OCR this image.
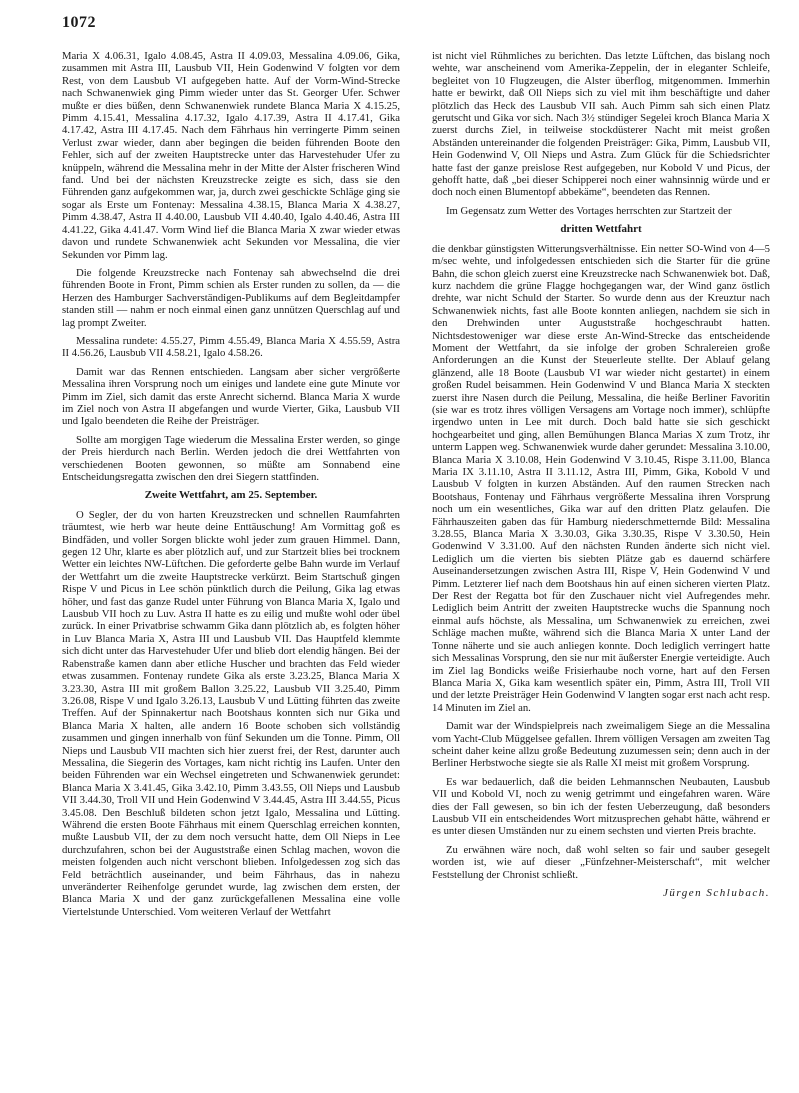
1072

Maria X 4.06.31, Igalo 4.08.45, Astra II 4.09.03, Messalina 4.09.06, Gika, zusammen mit Astra III, Lausbub VII, Hein Godenwind V folgten vor dem Rest, von dem Lausbub VI aufgegeben hatte. Auf der Vorm-Wind-Strecke nach Schwanenwiek ging Pimm wieder unter das St. Georger Ufer. Schwer mußte er dies büßen, denn Schwanenwiek rundete Blanca Maria X 4.15.25, Pimm 4.15.41, Messalina 4.17.32, Igalo 4.17.39, Astra II 4.17.41, Gika 4.17.42, Astra III 4.17.45. Nach dem Fährhaus hin verringerte Pimm seinen Verlust zwar wieder, dann aber begingen die beiden führenden Boote den Fehler, sich auf der zweiten Hauptstrecke unter das Harvestehuder Ufer zu knüppeln, während die Messalina mehr in der Mitte der Alster frischeren Wind fand. Und bei der nächsten Kreuzstrecke zeigte es sich, dass sie den Führenden ganz aufgekommen war, ja, durch zwei geschickte Schläge ging sie sogar als Erste um Fontenay: Messalina 4.38.15, Blanca Maria X 4.38.27, Pimm 4.38.47, Astra II 4.40.00, Lausbub VII 4.40.40, Igalo 4.40.46, Astra III 4.41.22, Gika 4.41.47. Vorm Wind lief die Blanca Maria X zwar wieder etwas davon und rundete Schwanenwiek acht Sekunden vor Messalina, die vier Sekunden vor Pimm lag.

Die folgende Kreuzstrecke nach Fontenay sah abwechselnd die drei führenden Boote in Front, Pimm schien als Erster runden zu sollen, da — die Herzen des Hamburger Sachverständigen-Publikums auf dem Begleitdampfer standen still — nahm er noch einmal einen ganz unnützen Querschlag auf und lag prompt Zweiter.

Messalina rundete: 4.55.27, Pimm 4.55.49, Blanca Maria X 4.55.59, Astra II 4.56.26, Lausbub VII 4.58.21, Igalo 4.58.26.

Damit war das Rennen entschieden. Langsam aber sicher vergrößerte Messalina ihren Vorsprung noch um einiges und landete eine gute Minute vor Pimm im Ziel, sich damit das erste Anrecht sichernd. Blanca Maria X wurde im Ziel noch von Astra II abgefangen und wurde Vierter, Gika, Lausbub VII und Igalo beendeten die Reihe der Preisträger.

Sollte am morgigen Tage wiederum die Messalina Erster werden, so ginge der Preis hierdurch nach Berlin. Werden jedoch die drei Wettfahrten von verschiedenen Booten gewonnen, so müßte am Sonnabend eine Entscheidungsregatta zwischen den drei Siegern stattfinden.

Zweite Wettfahrt, am 25. September.

O Segler, der du von harten Kreuzstrecken und schnellen Raumfahrten träumtest, wie herb war heute deine Enttäuschung! Am Vormittag goß es Bindfäden, und voller Sorgen blickte wohl jeder zum grauen Himmel. Dann, gegen 12 Uhr, klarte es aber plötzlich auf, und zur Startzeit blies bei trocknem Wetter ein leichtes NW-Lüftchen. Die geforderte gelbe Bahn wurde im Verlauf der Wettfahrt um die zweite Hauptstrecke verkürzt. Beim Startschuß gingen Rispe V und Picus in Lee schön pünktlich durch die Peilung, Gika lag etwas höher, und fast das ganze Rudel unter Führung von Blanca Maria X, Igalo und Lausbub VII hoch zu Luv. Astra II hatte es zu eilig und mußte wohl oder übel zurück. In einer Privatbrise schwamm Gika dann plötzlich ab, es folgten höher in Luv Blanca Maria X, Astra III und Lausbub VII. Das Hauptfeld klemmte sich dicht unter das Harvestehuder Ufer und blieb dort elendig hängen. Bei der Rabenstraße kamen dann aber etliche Huscher und brachten das Feld wieder etwas zusammen. Fontenay rundete Gika als erste 3.23.25, Blanca Maria X 3.23.30, Astra III mit großem Ballon 3.25.22, Lausbub VII 3.25.40, Pimm 3.26.08, Rispe V und Igalo 3.26.13, Lausbub V und Lütting führten das zweite Treffen. Auf der Spinnakertur nach Bootshaus konnten sich nur Gika und Blanca Maria X halten, alle andern 16 Boote schoben sich vollständig zusammen und gingen innerhalb von fünf Sekunden um die Tonne. Pimm, Oll Nieps und Lausbub VII machten sich hier zuerst frei, der Rest, darunter auch Messalina, die Siegerin des Vortages, kam nicht richtig ins Laufen. Unter den beiden Führenden war ein Wechsel eingetreten und Schwanenwiek gerundet: Blanca Maria X 3.41.45, Gika 3.42.10, Pimm 3.43.55, Oll Nieps und Lausbub VII 3.44.30, Troll VII und Hein Godenwind V 3.44.45, Astra III 3.44.55, Picus 3.45.08. Den Beschluß bildeten schon jetzt Igalo, Messalina und Lütting. Während die ersten Boote Fährhaus mit einem Querschlag erreichen konnten, mußte Lausbub VII, der zu dem noch versucht hatte, dem Oll Nieps in Lee durchzufahren, schon bei der Auguststraße einen Schlag machen, wovon die meisten folgenden auch nicht verschont blieben. Infolgedessen zog sich das Feld beträchtlich auseinander, und beim Fährhaus, das in nahezu unveränderter Reihenfolge gerundet wurde, lag zwischen dem ersten, der Blanca Maria X und der ganz zurückgefallenen Messalina eine volle Viertelstunde Unterschied. Vom weiteren Verlauf der Wettfahrt

ist nicht viel Rühmliches zu berichten. Das letzte Lüftchen, das bislang noch wehte, war anscheinend vom Amerika-Zeppelin, der in eleganter Schleife, begleitet von 10 Flugzeugen, die Alster überflog, mitgenommen. Immerhin hatte er bewirkt, daß Oll Nieps sich zu viel mit ihm beschäftigte und daher plötzlich das Heck des Lausbub VII sah. Auch Pimm sah sich einen Platz gerutscht und Gika vor sich. Nach 3½ stündiger Segelei kroch Blanca Maria X zuerst durchs Ziel, in teilweise stockdüsterer Nacht mit meist großen Abständen untereinander die folgenden Preisträger: Gika, Pimm, Lausbub VII, Hein Godenwind V, Oll Nieps und Astra. Zum Glück für die Schiedsrichter hatte fast der ganze preislose Rest aufgegeben, nur Kobold V und Picus, der gehofft hatte, daß „bei dieser Schipperei noch einer wahnsinnig würde und er doch noch einen Blumentopf abbekäme“, beendeten das Rennen.

Im Gegensatz zum Wetter des Vortages herrschten zur Startzeit der

dritten Wettfahrt

die denkbar günstigsten Witterungsverhältnisse. Ein netter SO-Wind von 4—5 m/sec wehte, und infolgedessen entschieden sich die Starter für die grüne Bahn, die schon gleich zuerst eine Kreuzstrecke nach Schwanenwiek bot. Daß, kurz nachdem die grüne Flagge hochgegangen war, der Wind ganz östlich drehte, war nicht Schuld der Starter. So wurde denn aus der Kreuztur nach Schwanenwiek nichts, fast alle Boote konnten anliegen, nachdem sie sich in den Drehwinden unter Auguststraße hochgeschraubt hatten. Nichtsdestoweniger war diese erste An-Wind-Strecke das entscheidende Moment der Wettfahrt, da sie infolge der groben Schralereien große Anforderungen an die Kunst der Steuerleute stellte. Der Ablauf gelang glänzend, alle 18 Boote (Lausbub VI war wieder nicht gestartet) in einem großen Rudel beisammen. Hein Godenwind V und Blanca Maria X steckten zuerst ihre Nasen durch die Peilung, Messalina, die heiße Berliner Favoritin (sie war es trotz ihres völligen Versagens am Vortage noch immer), schlüpfte irgendwo unten in Lee mit durch. Doch bald hatte sie sich geschickt hochgearbeitet und ging, allen Bemühungen Blanca Marias X zum Trotz, ihr unterm Lappen weg. Schwanenwiek wurde daher gerundet: Messalina 3.10.00, Blanca Maria X 3.10.08, Hein Godenwind V 3.10.45, Rispe 3.11.00, Blanca Maria IX 3.11.10, Astra II 3.11.12, Astra III, Pimm, Gika, Kobold V und Lausbub V folgten in kurzen Abständen. Auf den raumen Strecken nach Bootshaus, Fontenay und Fährhaus vergrößerte Messalina ihren Vorsprung noch um ein wesentliches, Gika war auf den dritten Platz gelaufen. Die Fährhauszeiten gaben das für Hamburg niederschmetternde Bild: Messalina 3.28.55, Blanca Maria X 3.30.03, Gika 3.30.35, Rispe V 3.30.50, Hein Godenwind V 3.31.00. Auf den nächsten Runden änderte sich nicht viel. Lediglich um die vierten bis siebten Plätze gab es dauernd schärfere Auseinandersetzungen zwischen Astra III, Rispe V, Hein Godenwind V und Pimm. Letzterer lief nach dem Bootshaus hin auf einen sicheren vierten Platz. Der Rest der Regatta bot für den Zuschauer nicht viel Aufregendes mehr. Lediglich beim Antritt der zweiten Hauptstrecke wuchs die Spannung noch einmal aufs höchste, als Messalina, um Schwanenwiek zu erreichen, zwei Schläge machen mußte, während sich die Blanca Maria X unter Land der Tonne näherte und sie auch anliegen konnte. Doch lediglich verringert hatte sich Messalinas Vorsprung, den sie nur mit äußerster Energie verteidigte. Auch im Ziel lag Bondicks weiße Frisierhaube noch vorne, hart auf den Fersen Blanca Maria X, Gika kam wesentlich später ein, Pimm, Astra III, Troll VII und der letzte Preisträger Hein Godenwind V langten sogar erst nach acht resp. 14 Minuten im Ziel an.

Damit war der Windspielpreis nach zweimaligem Siege an die Messalina vom Yacht-Club Müggelsee gefallen. Ihrem völligen Versagen am zweiten Tag scheint daher keine allzu große Bedeutung zuzumessen sein; denn auch in der Berliner Herbstwoche siegte sie als Ralle XI meist mit großem Vorsprung.

Es war bedauerlich, daß die beiden Lehmannschen Neubauten, Lausbub VII und Kobold VI, noch zu wenig getrimmt und eingefahren waren. Wäre dies der Fall gewesen, so bin ich der festen Ueberzeugung, daß besonders Lausbub VII ein entscheidendes Wort mitzusprechen gehabt hätte, während er es unter diesen Umständen nur zu einem sechsten und vierten Preis brachte.

Zu erwähnen wäre noch, daß wohl selten so fair und sauber gesegelt worden ist, wie auf dieser „Fünfzehner-Meisterschaft“, mit welcher Feststellung der Chronist schließt.

Jürgen Schlubach.
